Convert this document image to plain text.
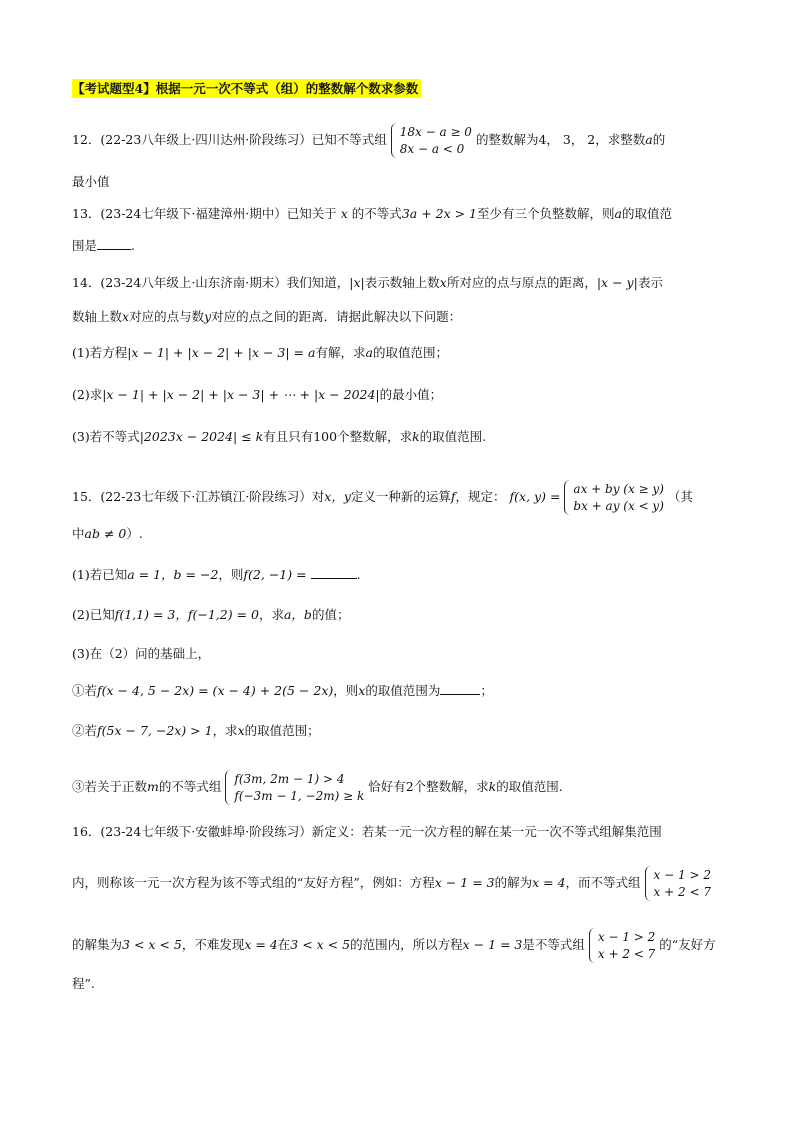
【考试题型4】根据一元一次不等式（组）的整数解个数求参数
12．(22-23八年级上·四川达州·阶段练习）已知不等式组 18x − a ≥ 0
8x − a < 0
的整数解为4， 3， 2，求整数a的
最小值
13．(23-24七年级下·福建漳州·期中）已知关于 x 的不等式3a + 2x > 1至少有三个负整数解，则a的取值范
围是	.
14．(23-24八年级上·山东济南·期末）我们知道，|x|表示数轴上数x所对应的点与原点的距离，|x − y|表示
数轴上数x对应的点与数y对应的点之间的距离．请据此解决以下问题：
(1)若方程|x − 1| + |x − 2| + |x − 3| = a有解，求a的取值范围；
(2)求|x − 1| + |x − 2| + |x − 3| + ⋯ + |x − 2024|的最小值；
(3)若不等式|2023x − 2024| ≤ k有且只有100个整数解，求k的取值范围.
15．(22-23七年级下·江苏镇江·阶段练习）对x，y定义一种新的运算f，规定： f(x, y) = ax + by (x ≥ y)
bx + ay (x < y)
（其
中ab ≠ 0）.
(1)若已知a = 1，b = −2，则f(2, −1) =	.
(2)已知f(1,1) = 3，f(−1,2) = 0，求a，b的值；
(3)在（2）问的基础上，
①若f(x − 4, 5 − 2x) = (x − 4) + 2(5 − 2x)，则x的取值范围为	；
②若f(5x − 7, −2x) > 1，求x的取值范围；
③若关于正数m的不等式组 f(3m, 2m − 1) > 4
f(−3m − 1, −2m) ≥ k
恰好有2个整数解，求k的取值范围.
16．(23-24七年级下·安徽蚌埠·阶段练习）新定义：若某一元一次方程的解在某一元一次不等式组解集范围
内，则称该一元一次方程为该不等式组的“友好方程”，例如：方程x − 1 = 3的解为x = 4，而不等式组 x − 1 > 2
x + 2 < 7
的解集为3 < x < 5，不难发现x = 4在3 < x < 5的范围内，所以方程x − 1 = 3是不等式组 x − 1 > 2
x + 2 < 7
的“友好方
程”.
